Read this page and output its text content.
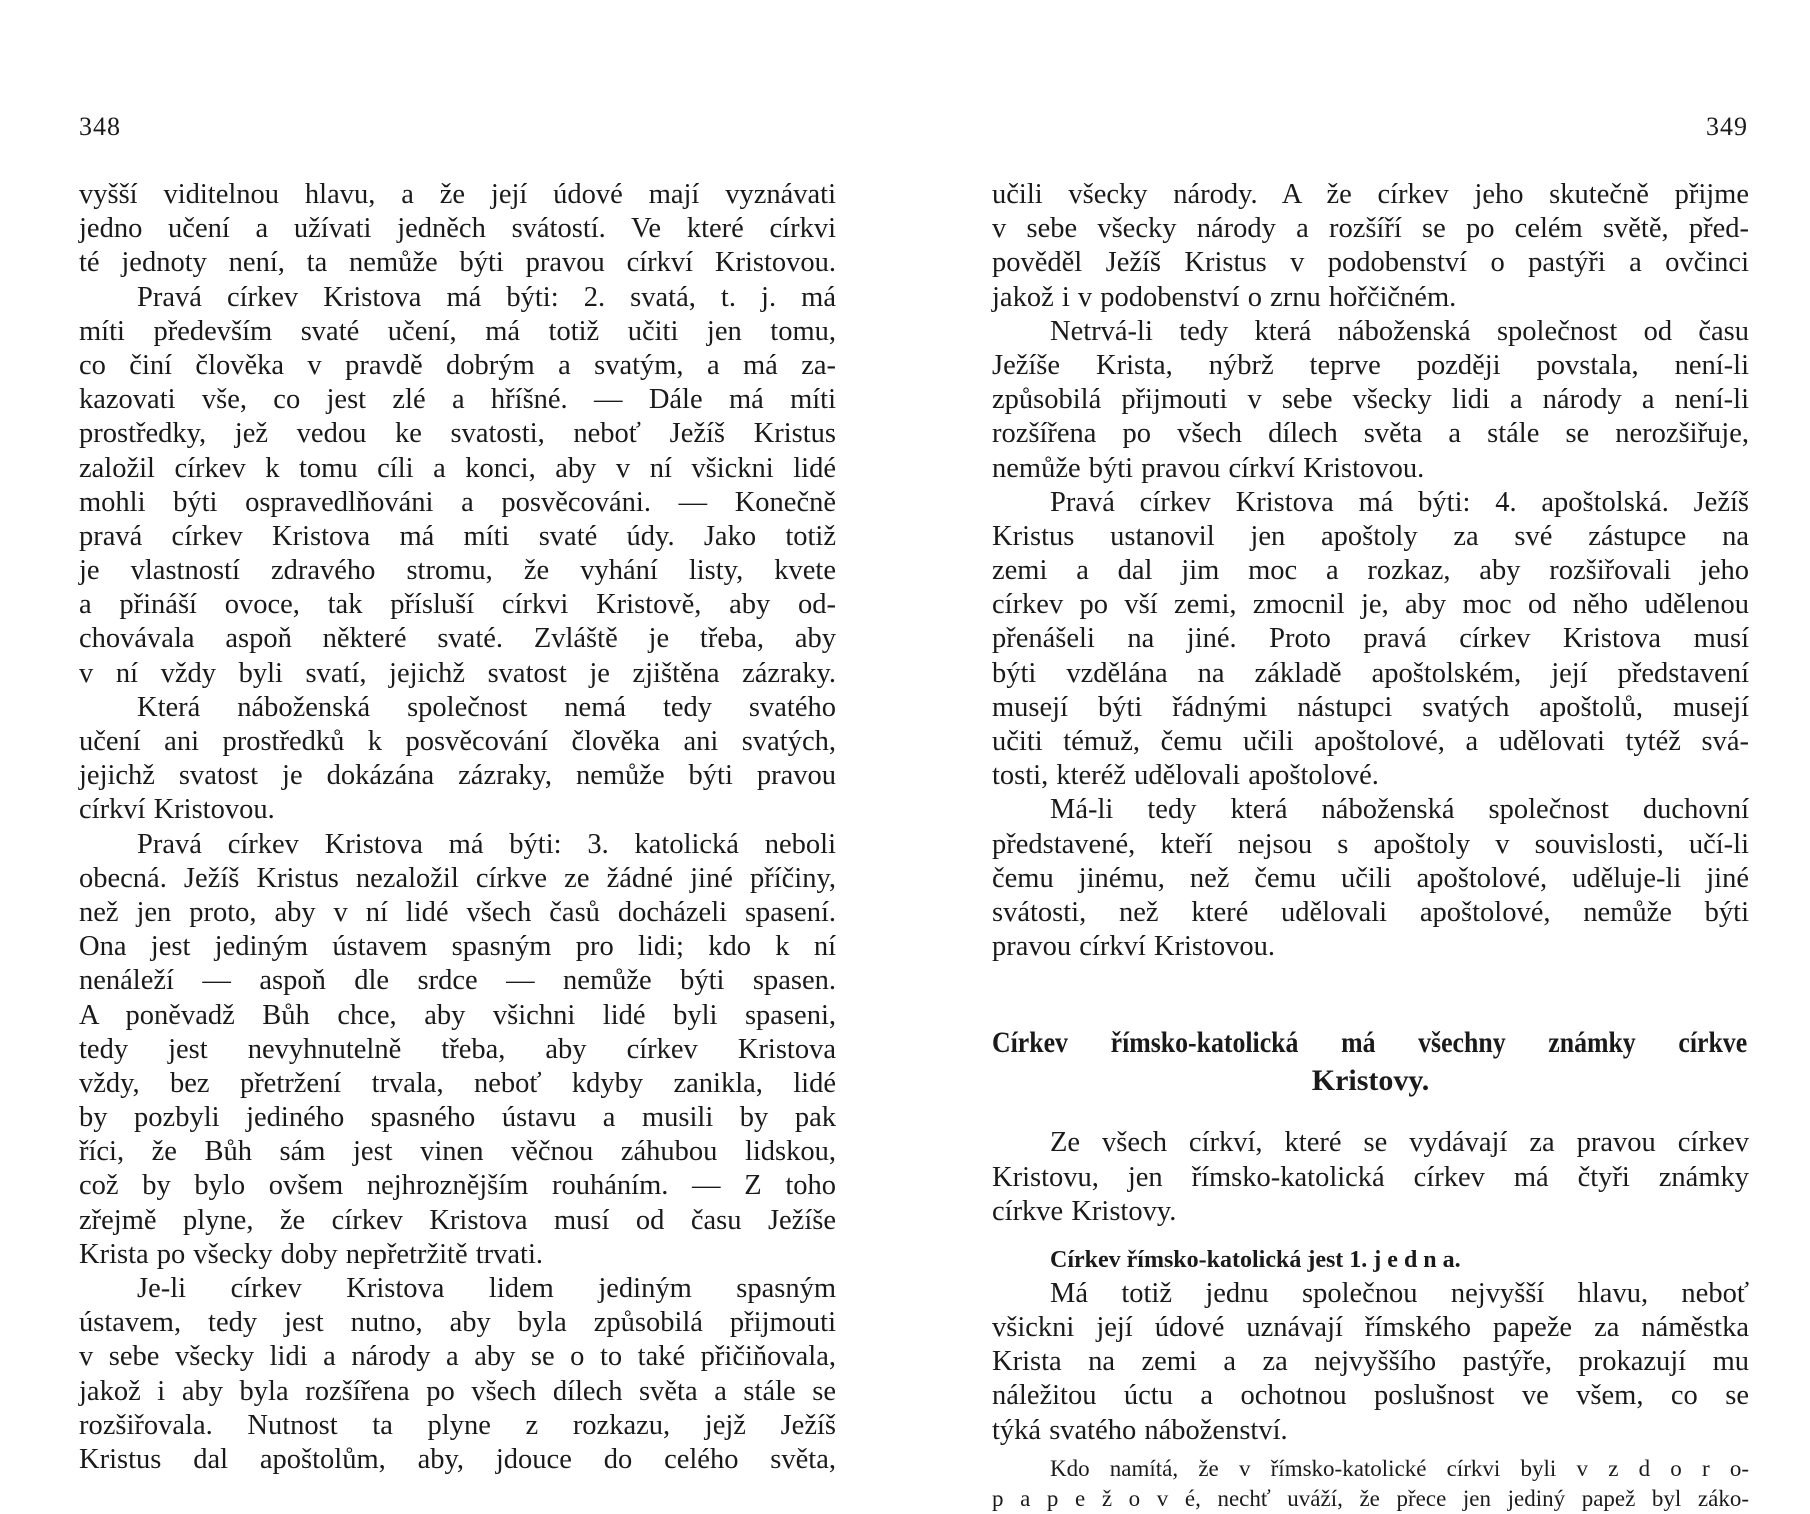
348
vyšší viditelnou hlavu, a že její údové mají vyznávati
jedno učení a užívati jedněch svátostí. Ve které církvi
té jednoty není, ta nemůže býti pravou církví Kristovou.
Pravá církev Kristova má býti: 2. svatá, t. j. má
míti především svaté učení, má totiž učiti jen tomu,
co činí člověka v pravdě dobrým a svatým, a má za-
kazovati vše, co jest zlé a hříšné. — Dále má míti
prostředky, jež vedou ke svatosti, neboť Ježíš Kristus
založil církev k tomu cíli a konci, aby v ní všickni lidé
mohli býti ospravedlňováni a posvěcováni. — Konečně
pravá církev Kristova má míti svaté údy. Jako totiž
je vlastností zdravého stromu, že vyhání listy, kvete
a přináší ovoce, tak přísluší církvi Kristově, aby od-
chovávala aspoň některé svaté. Zvláště je třeba, aby
v ní vždy byli svatí, jejichž svatost je zjištěna zázraky.
Která náboženská společnost nemá tedy svatého
učení ani prostředků k posvěcování člověka ani svatých,
jejichž svatost je dokázána zázraky, nemůže býti pravou
církví Kristovou.
Pravá církev Kristova má býti: 3. katolická neboli
obecná. Ježíš Kristus nezaložil církve ze žádné jiné příčiny,
než jen proto, aby v ní lidé všech časů docházeli spasení.
Ona jest jediným ústavem spasným pro lidi; kdo k ní
nenáleží — aspoň dle srdce — nemůže býti spasen.
A poněvadž Bůh chce, aby všichni lidé byli spaseni,
tedy jest nevyhnutelně třeba, aby církev Kristova
vždy, bez přetržení trvala, neboť kdyby zanikla, lidé
by pozbyli jediného spasného ústavu a musili by pak
říci, že Bůh sám jest vinen věčnou záhubou lidskou,
což by bylo ovšem nejhroznějším rouháním. — Z toho
zřejmě plyne, že církev Kristova musí od času Ježíše
Krista po všecky doby nepřetržitě trvati.
Je-li církev Kristova lidem jediným spasným
ústavem, tedy jest nutno, aby byla způsobilá přijmouti
v sebe všecky lidi a národy a aby se o to také přičiňovala,
jakož i aby byla rozšířena po všech dílech světa a stále se
rozšiřovala. Nutnost ta plyne z rozkazu, jejž Ježíš
Kristus dal apoštolům, aby, jdouce do celého světa,
349
učili všecky národy. A že církev jeho skutečně přijme
v sebe všecky národy a rozšíří se po celém světě, před-
pověděl Ježíš Kristus v podobenství o pastýři a ovčinci
jakož i v podobenství o zrnu hořčičném.
Netrvá-li tedy která náboženská společnost od času
Ježíše Krista, nýbrž teprve později povstala, není-li
způsobilá přijmouti v sebe všecky lidi a národy a není-li
rozšířena po všech dílech světa a stále se nerozšiřuje,
nemůže býti pravou církví Kristovou.
Pravá církev Kristova má býti: 4. apoštolská. Ježíš
Kristus ustanovil jen apoštoly za své zástupce na
zemi a dal jim moc a rozkaz, aby rozšiřovali jeho
církev po vší zemi, zmocnil je, aby moc od něho udělenou
přenášeli na jiné. Proto pravá církev Kristova musí
býti vzdělána na základě apoštolském, její představení
musejí býti řádnými nástupci svatých apoštolů, musejí
učiti témuž, čemu učili apoštolové, a udělovati tytéž svá-
tosti, kteréž udělovali apoštolové.
Má-li tedy která náboženská společnost duchovní
představené, kteří nejsou s apoštoly v souvislosti, učí-li
čemu jinému, než čemu učili apoštolové, uděluje-li jiné
svátosti, než které udělovali apoštolové, nemůže býti
pravou církví Kristovou.
Církev římsko-katolická má všechny známky církve
Kristovy.
Ze všech církví, které se vydávají za pravou církev
Kristovu, jen římsko-katolická církev má čtyři známky
církve Kristovy.
Církev římsko-katolická jest 1. j e d n a.
Má totiž jednu společnou nejvyšší hlavu, neboť
všickni její údové uznávají římského papeže za náměstka
Krista na zemi a za nejvyššího pastýře, prokazují mu
náležitou úctu a ochotnou poslušnost ve všem, co se
týká svatého náboženství.
Kdo namítá, že v římsko-katolické církvi byli v z d o r o-
p a p e ž o v é, nechť uváží, že přece jen jediný papež byl záko-
